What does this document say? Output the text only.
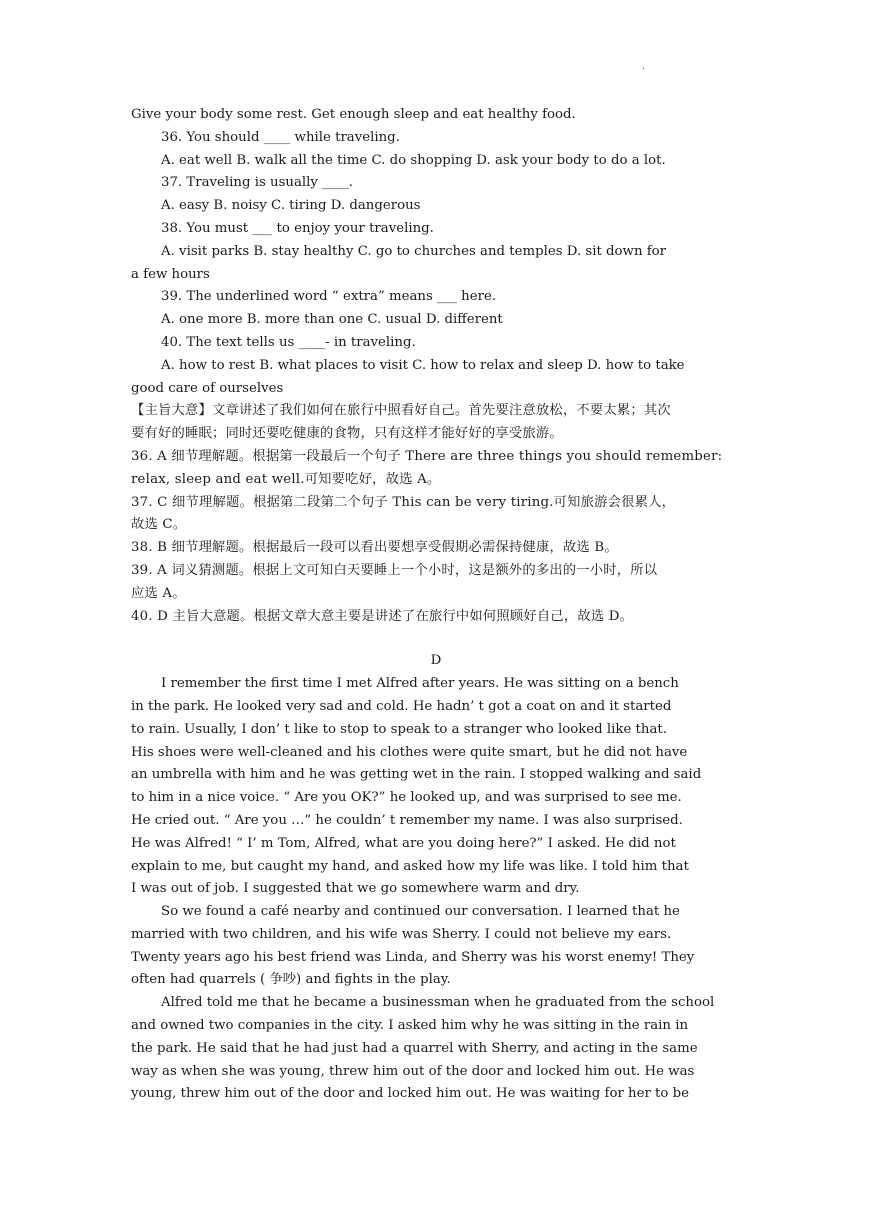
·
Give your body some rest. Get enough sleep and eat healthy food.
36. You should ____ while traveling.
A. eat well B. walk all the time C. do shopping D. ask your body to do a lot.
37. Traveling is usually ____.
A. easy B. noisy C. tiring D. dangerous
38. You must ___ to enjoy your traveling.
A. visit parks B. stay healthy C. go to churches and temples D. sit down for
a few hours
39. The underlined word “ extra” means ___ here.
A. one more B. more than one C. usual D. different
40. The text tells us ____- in traveling.
A. how to rest B. what places to visit C. how to relax and sleep D. how to take
good care of ourselves
【主旨大意】文章讲述了我们如何在旅行中照看好自己。首先要注意放松，不要太累；其次
要有好的睡眠；同时还要吃健康的食物，只有这样才能好好的享受旅游。
36. A 细节理解题。根据第一段最后一个句子 There are three things you should remember:
relax, sleep and eat well.可知要吃好，故选 A。
37. C 细节理解题。根据第二段第二个句子 This can be very tiring.可知旅游会很累人，
故选 C。
38. B 细节理解题。根据最后一段可以看出要想享受假期必需保持健康，故选 B。
39. A 词义猜测题。根据上文可知白天要睡上一个小时，这是额外的多出的一小时，所以
应选 A。
40. D 主旨大意题。根据文章大意主要是讲述了在旅行中如何照顾好自己，故选 D。
D
I remember the first time I met Alfred after years. He was sitting on a bench
in the park. He looked very sad and cold. He hadn’ t got a coat on and it started
to rain. Usually, I don’ t like to stop to speak to a stranger who looked like that.
His shoes were well-cleaned and his clothes were quite smart, but he did not have
an umbrella with him and he was getting wet in the rain. I stopped walking and said
to him in a nice voice. “ Are you OK?” he looked up, and was surprised to see me.
He cried out. “ Are you …” he couldn’ t remember my name. I was also surprised.
He was Alfred! “ I’ m Tom, Alfred, what are you doing here?” I asked. He did not
explain to me, but caught my hand, and asked how my life was like. I told him that
I was out of job. I suggested that we go somewhere warm and dry.
So we found a café nearby and continued our conversation. I learned that he
married with two children, and his wife was Sherry. I could not believe my ears.
Twenty years ago his best friend was Linda, and Sherry was his worst enemy! They
often had quarrels ( 争吵) and fights in the play.
Alfred told me that he became a businessman when he graduated from the school
and owned two companies in the city. I asked him why he was sitting in the rain in
the park. He said that he had just had a quarrel with Sherry, and acting in the same
way as when she was young, threw him out of the door and locked him out. He was
young, threw him out of the door and locked him out. He was waiting for her to be
